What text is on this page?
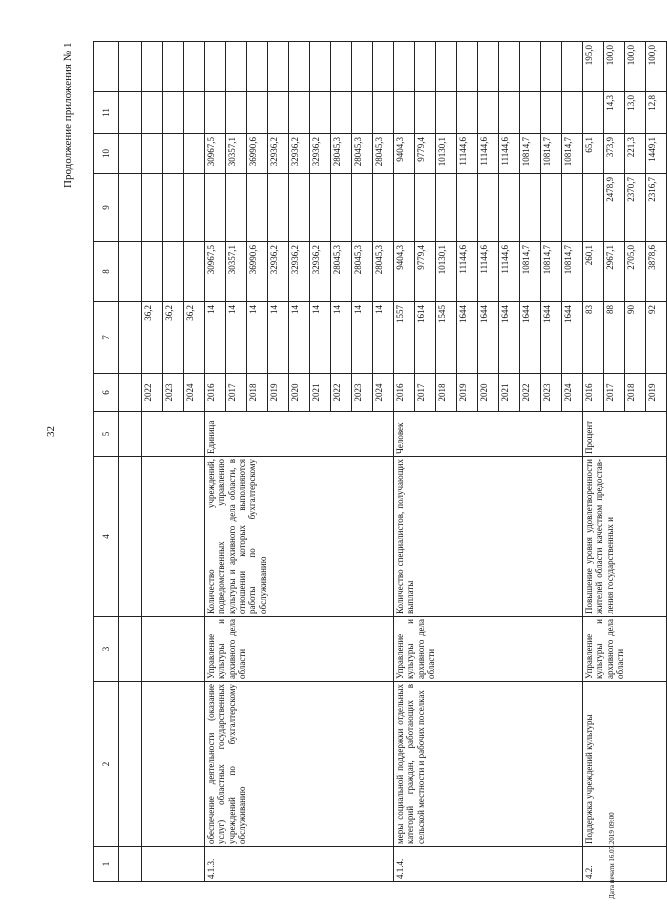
32
Продолжение приложения № 1
Дата печати 16.07.2019 09:00
1	2	3	4	5	6	7	8	9	10	11	

					2022	36,2					
					2023	36,2					
					2024	36,2					
4.1.3.	обеспечение деятельности (оказание услуг) областных государственных учреждений по бухгалтерскому обслуживанию	Управление культуры и архивного дела области	Количество учреждений, подведомственных управлению культуры и архивного дела области, в отношении которых выполняются работы по бухгалтерскому обслуживанию	Единица	2016	14	30967,5		30967,5		
					2017	14	30357,1		30357,1		
					2018	14	36990,6		36990,6		
					2019	14	32936,2		32936,2		
					2020	14	32936,2		32936,2		
					2021	14	32936,2		32936,2		
					2022	14	28045,3		28045,3		
					2023	14	28045,3		28045,3		
					2024	14	28045,3		28045,3		
4.1.4.	меры социальной поддержки отдельных категорий граждан, работающих в сельской местности и рабочих поселках	Управление культуры и архивного дела области	Количество специалистов, получающих выплаты	Человек	2016	1557	9404,3		9404,3		
					2017	1614	9779,4		9779,4		
					2018	1545	10130,1		10130,1		
					2019	1644	11144,6		11144,6		
					2020	1644	11144,6		11144,6		
					2021	1644	11144,6		11144,6		
					2022	1644	10814,7		10814,7		
					2023	1644	10814,7		10814,7		
					2024	1644	10814,7		10814,7		
4.2.	Поддержка учреждений культуры	Управление культуры и архивного дела области	Повышение уровня удовлетворенности жителей области качеством предостав-ления государственных и	Процент	2016	83	260,1		65,1		195,0
					2017	88	2967,1	2478,9	373,9	14,3	100,0
					2018	90	2705,0	2370,7	221,3	13,0	100,0
					2019	92	3878,6	2316,7	1449,1	12,8	100,0
